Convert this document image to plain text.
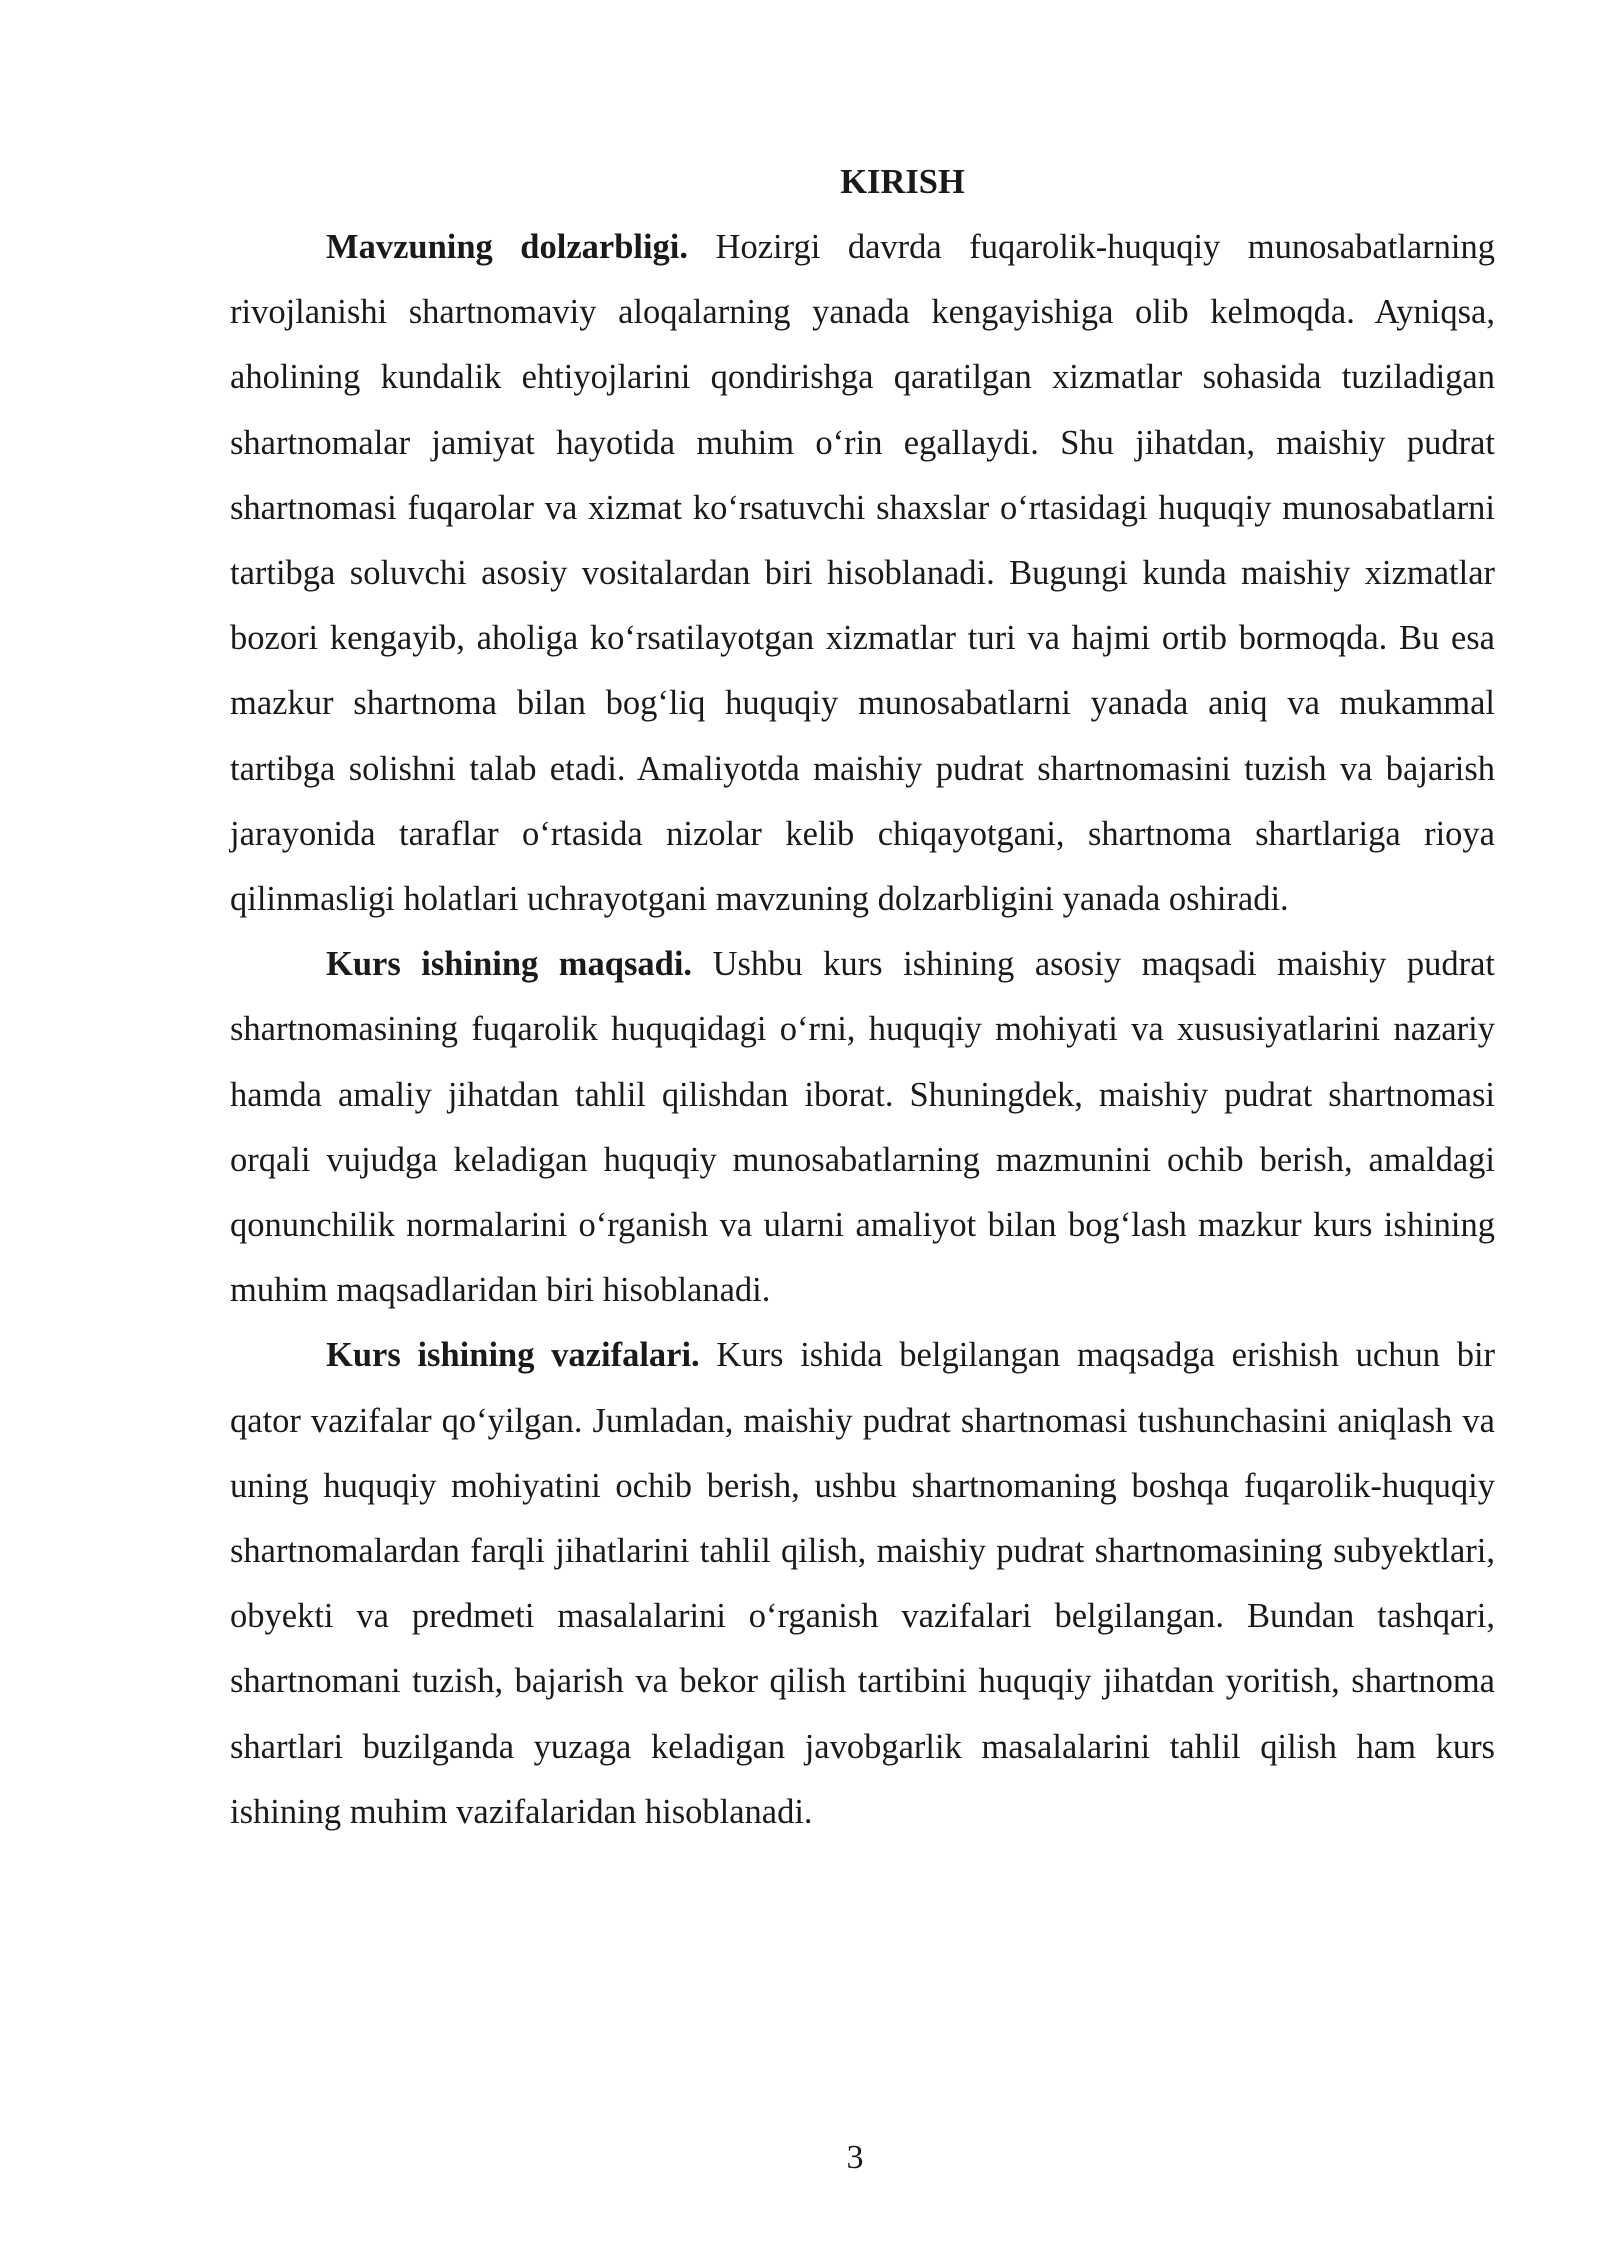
KIRISH

Mavzuning dolzarbligi. Hozirgi davrda fuqarolik-huquqiy munosabatlarning rivojlanishi shartnomaviy aloqalarning yanada kengayishiga olib kelmoqda. Ayniqsa, aholining kundalik ehtiyojlarini qondirishga qaratilgan xizmatlar sohasida tuziladigan shartnomalar jamiyat hayotida muhim o‘rin egallaydi. Shu jihatdan, maishiy pudrat shartnomasi fuqarolar va xizmat ko‘rsatuvchi shaxslar o‘rtasidagi huquqiy munosabatlarni tartibga soluvchi asosiy vositalardan biri hisoblanadi. Bugungi kunda maishiy xizmatlar bozori kengayib, aholiga ko‘rsatilayotgan xizmatlar turi va hajmi ortib bormoqda. Bu esa mazkur shartnoma bilan bog‘liq huquqiy munosabatlarni yanada aniq va mukammal tartibga solishni talab etadi. Amaliyotda maishiy pudrat shartnomasini tuzish va bajarish jarayonida taraflar o‘rtasida nizolar kelib chiqayotgani, shartnoma shartlariga rioya qilinmasligi holatlari uchrayotgani mavzuning dolzarbligini yanada oshiradi.

Kurs ishining maqsadi. Ushbu kurs ishining asosiy maqsadi maishiy pudrat shartnomasining fuqarolik huquqidagi o‘rni, huquqiy mohiyati va xususiyatlarini nazariy hamda amaliy jihatdan tahlil qilishdan iborat. Shuningdek, maishiy pudrat shartnomasi orqali vujudga keladigan huquqiy munosabatlarning mazmunini ochib berish, amaldagi qonunchilik normalarini o‘rganish va ularni amaliyot bilan bog‘lash mazkur kurs ishining muhim maqsadlaridan biri hisoblanadi.

Kurs ishining vazifalari. Kurs ishida belgilangan maqsadga erishish uchun bir qator vazifalar qo‘yilgan. Jumladan, maishiy pudrat shartnomasi tushunchasini aniqlash va uning huquqiy mohiyatini ochib berish, ushbu shartnomaning boshqa fuqarolik-huquqiy shartnomalardan farqli jihatlarini tahlil qilish, maishiy pudrat shartnomasining subyektlari, obyekti va predmeti masalalarini o‘rganish vazifalari belgilangan. Bundan tashqari, shartnomani tuzish, bajarish va bekor qilish tartibini huquqiy jihatdan yoritish, shartnoma shartlari buzilganda yuzaga keladigan javobgarlik masalalarini tahlil qilish ham kurs ishining muhim vazifalaridan hisoblanadi.

3
